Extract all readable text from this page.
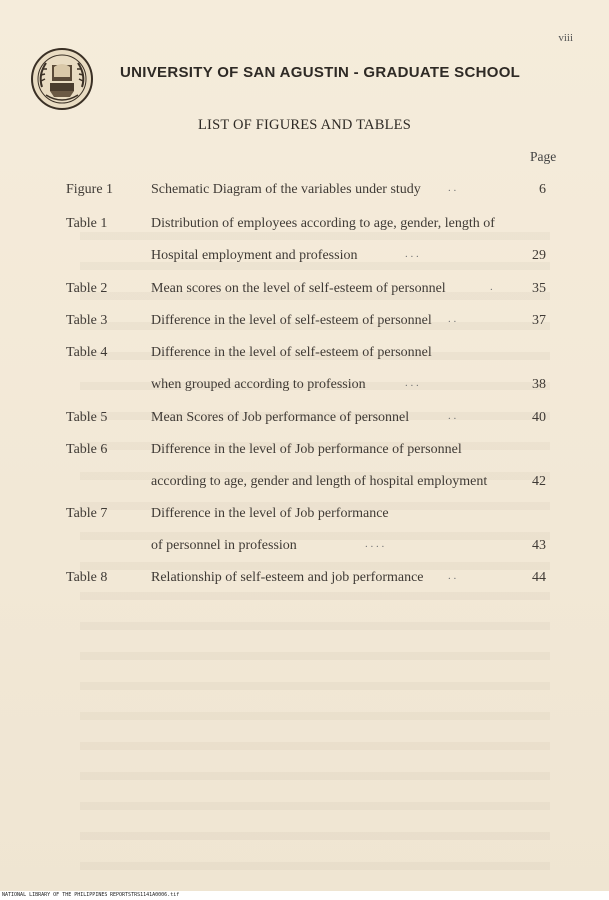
viii
UNIVERSITY OF SAN AGUSTIN - GRADUATE SCHOOL
LIST OF FIGURES AND TABLES
Page
Figure 1	Schematic Diagram of the variables under study . .	6
Table 1	Distribution of employees according to age, gender, length of
Hospital employment and profession	. . .	29
Table 2	Mean scores on the level of self-esteem of personnel	.	35
Table 3	Difference in the level of self-esteem of personnel . .	37
Table 4	Difference in the level of self-esteem of personnel
when grouped according to profession	. . .	38
Table 5	Mean Scores of Job performance of personnel	. .	40
Table 6	Difference in the level of Job performance of personnel
according to age, gender and length of hospital employment	42
Table 7	Difference in the level of Job performance
of personnel in profession	. . . .	43
Table 8	Relationship of self-esteem and job performance . .	44
NATIONAL LIBRARY OF THE PHILIPPINES REPORTSTRS1141A0006.tif
